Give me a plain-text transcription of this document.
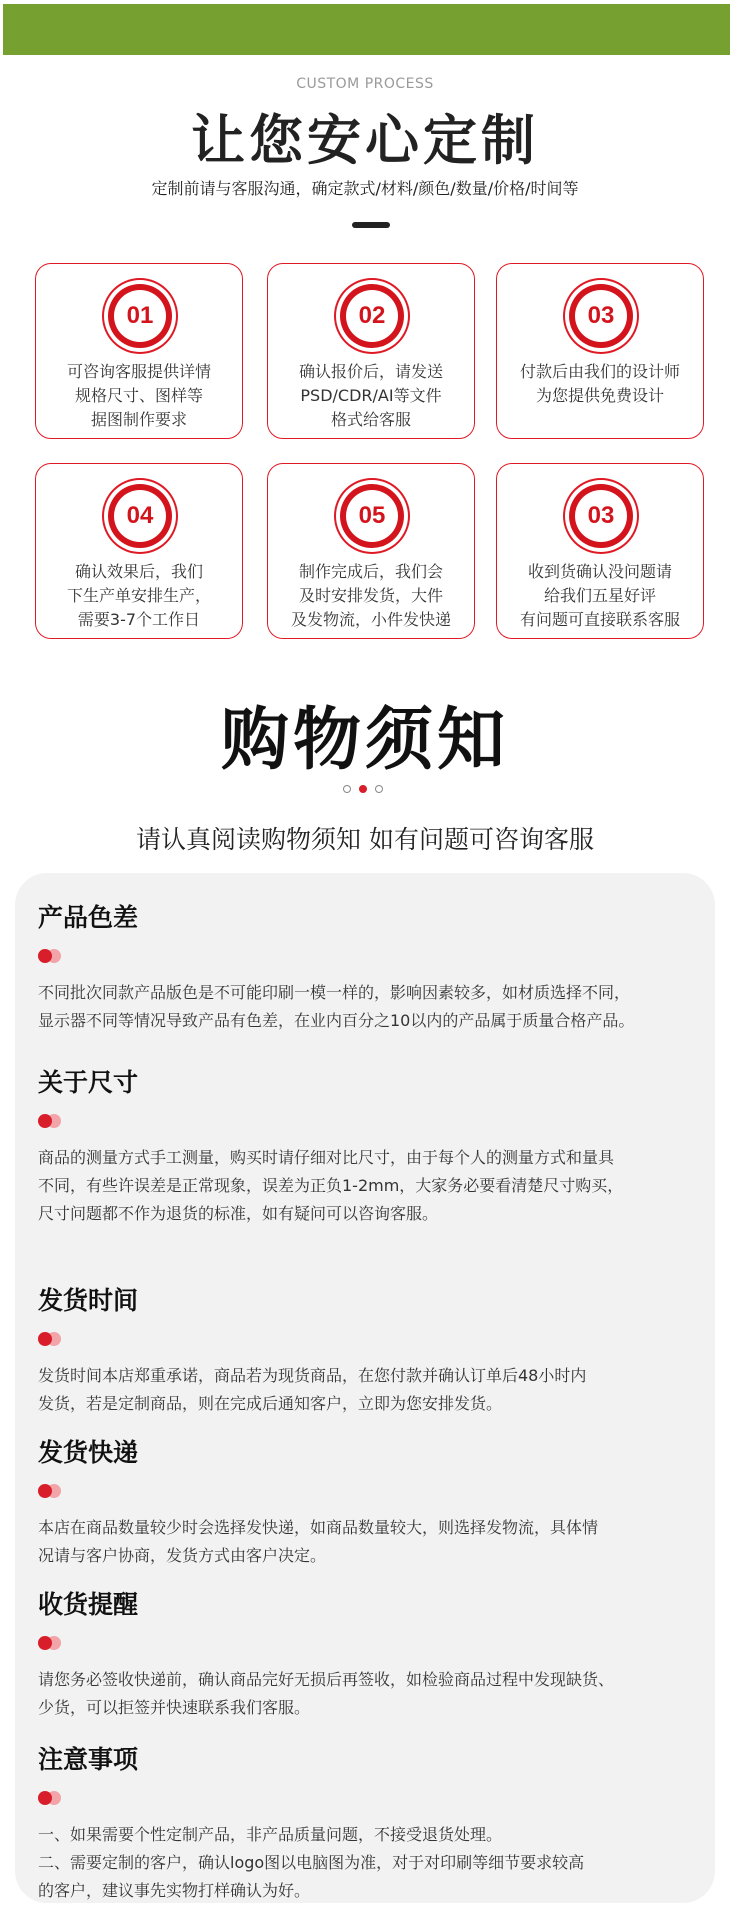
CUSTOM PROCESS
让您安心定制
定制前请与客服沟通，确定款式/材料/颜色/数量/价格/时间等
01
可咨询客服提供详情
规格尺寸、图样等
据图制作要求
02
确认报价后，请发送
PSD/CDR/AI等文件
格式给客服
03
付款后由我们的设计师
为您提供免费设计
04
确认效果后，我们
下生产单安排生产，
需要3-7个工作日
05
制作完成后，我们会
及时安排发货，大件
及发物流，小件发快递
03
收到货确认没问题请
给我们五星好评
有问题可直接联系客服
购物须知
请认真阅读购物须知 如有问题可咨询客服
产品色差
不同批次同款产品版色是不可能印刷一模一样的，影响因素较多，如材质选择不同，
显示器不同等情况导致产品有色差，在业内百分之10以内的产品属于质量合格产品。
关于尺寸
商品的测量方式手工测量，购买时请仔细对比尺寸，由于每个人的测量方式和量具
不同，有些许误差是正常现象，误差为正负1-2mm，大家务必要看清楚尺寸购买，
尺寸问题都不作为退货的标准，如有疑问可以咨询客服。
发货时间
发货时间本店郑重承诺，商品若为现货商品，在您付款并确认订单后48小时内
发货，若是定制商品，则在完成后通知客户，立即为您安排发货。
发货快递
本店在商品数量较少时会选择发快递，如商品数量较大，则选择发物流，具体情
况请与客户协商，发货方式由客户决定。
收货提醒
请您务必签收快递前，确认商品完好无损后再签收，如检验商品过程中发现缺货、
少货，可以拒签并快速联系我们客服。
注意事项
一、如果需要个性定制产品，非产品质量问题，不接受退货处理。
二、需要定制的客户，确认logo图以电脑图为准，对于对印刷等细节要求较高
的客户，建议事先实物打样确认为好。
